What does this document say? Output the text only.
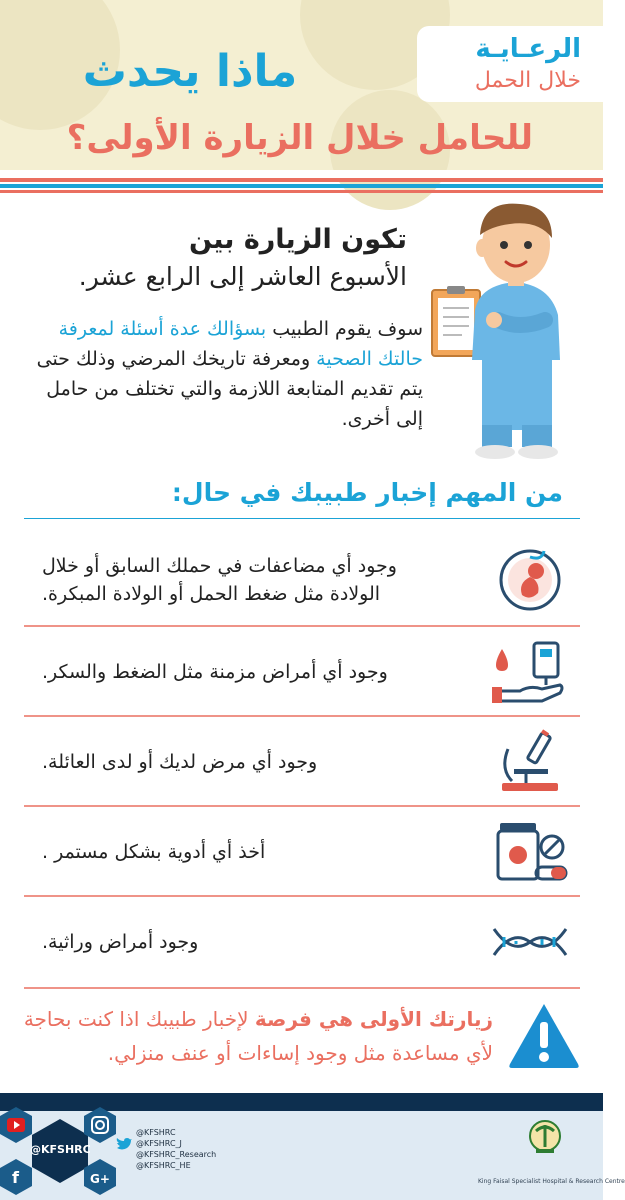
الرعـايـة
خلال الحمل
ماذا يحدث
للحامل خلال الزيارة الأولى؟
تكون الزيارة بين
الأسبوع العاشر إلى الرابع عشر.
سوف يقوم الطبيب بسؤالك عدة أسئلة لمعرفة حالتك الصحية ومعرفة تاريخك المرضي وذلك حتى يتم تقديم المتابعة اللازمة والتي تختلف من حامل إلى أخرى.
من المهم إخبار طبيبك في حال:
وجود أي مضاعفات في حملك السابق أو خلال
الولادة مثل ضغط الحمل أو الولادة المبكرة.
وجود أي أمراض مزمنة مثل الضغط والسكر.
وجود أي مرض لديك أو لدى العائلة.
أخذ أي أدوية بشكل مستمر .
وجود أمراض وراثية.
زيارتك الأولى هي فرصة لإخبار طبيبك اذا كنت بحاجة لأي مساعدة مثل وجود إساءات أو عنف منزلي.
@KFSHRC
f	G+
@KFSHRC
@KFSHRC_J
@KFSHRC_Research
@KFSHRC_HE
King Faisal Specialist Hospital & Research Centre
